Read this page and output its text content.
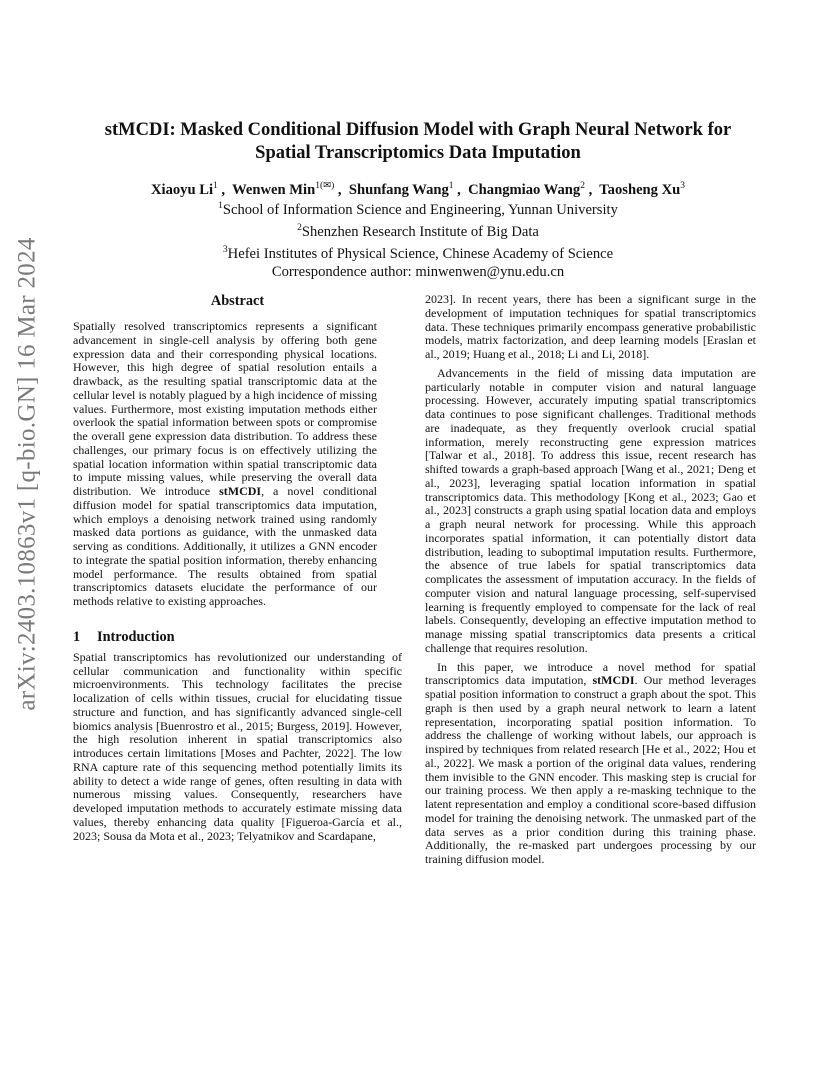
arXiv:2403.10863v1 [q-bio.GN] 16 Mar 2024
stMCDI: Masked Conditional Diffusion Model with Graph Neural Network for
Spatial Transcriptomics Data Imputation
Xiaoyu Li$^1$ ,  Wenwen Min$^{1(✉)}$ ,  Shunfang Wang$^1$ ,  Changmiao Wang$^2$ ,  Taosheng Xu$^3$
$^1$School of Information Science and Engineering, Yunnan University
$^2$Shenzhen Research Institute of Big Data
$^3$Hefei Institutes of Physical Science, Chinese Academy of Science
Correspondence author: minwenwen@ynu.edu.cn
Abstract

Spatially resolved transcriptomics represents a significant advancement in single-cell analysis by offering both gene expression data and their corresponding physical locations. However, this high degree of spatial resolution entails a drawback, as the resulting spatial transcriptomic data at the cellular level is notably plagued by a high incidence of missing values. Furthermore, most existing imputation methods either overlook the spatial information between spots or compromise the overall gene expression data distribution. To address these challenges, our primary focus is on effectively utilizing the spatial location information within spatial transcriptomic data to impute missing values, while preserving the overall data distribution. We introduce stMCDI, a novel conditional diffusion model for spatial transcriptomics data imputation, which employs a denoising network trained using randomly masked data portions as guidance, with the unmasked data serving as conditions. Additionally, it utilizes a GNN encoder to integrate the spatial position information, thereby enhancing model performance. The results obtained from spatial transcriptomics datasets elucidate the performance of our methods relative to existing approaches.

1 Introduction

Spatial transcriptomics has revolutionized our understanding of cellular communication and functionality within specific microenvironments. This technology facilitates the precise localization of cells within tissues, crucial for elucidating tissue structure and function, and has significantly advanced single-cell biomics analysis [Buenrostro et al., 2015; Burgess, 2019]. However, the high resolution inherent in spatial transcriptomics also introduces certain limitations [Moses and Pachter, 2022]. The low RNA capture rate of this sequencing method potentially limits its ability to detect a wide range of genes, often resulting in data with numerous missing values. Consequently, researchers have developed imputation methods to accurately estimate missing data values, thereby enhancing data quality [Figueroa-García et al., 2023; Sousa da Mota et al., 2023; Telyatnikov and Scardapane,

2023]. In recent years, there has been a significant surge in the development of imputation techniques for spatial transcriptomics data. These techniques primarily encompass generative probabilistic models, matrix factorization, and deep learning models [Eraslan et al., 2019; Huang et al., 2018; Li and Li, 2018].

Advancements in the field of missing data imputation are particularly notable in computer vision and natural language processing. However, accurately imputing spatial transcriptomics data continues to pose significant challenges. Traditional methods are inadequate, as they frequently overlook crucial spatial information, merely reconstructing gene expression matrices [Talwar et al., 2018]. To address this issue, recent research has shifted towards a graph-based approach [Wang et al., 2021; Deng et al., 2023], leveraging spatial location information in spatial transcriptomics data. This methodology [Kong et al., 2023; Gao et al., 2023] constructs a graph using spatial location data and employs a graph neural network for processing. While this approach incorporates spatial information, it can potentially distort data distribution, leading to suboptimal imputation results. Furthermore, the absence of true labels for spatial transcriptomics data complicates the assessment of imputation accuracy. In the fields of computer vision and natural language processing, self-supervised learning is frequently employed to compensate for the lack of real labels. Consequently, developing an effective imputation method to manage missing spatial transcriptomics data presents a critical challenge that requires resolution.

In this paper, we introduce a novel method for spatial transcriptomics data imputation, stMCDI. Our method leverages spatial position information to construct a graph about the spot. This graph is then used by a graph neural network to learn a latent representation, incorporating spatial position information. To address the challenge of working without labels, our approach is inspired by techniques from related research [He et al., 2022; Hou et al., 2022]. We mask a portion of the original data values, rendering them invisible to the GNN encoder. This masking step is crucial for our training process. We then apply a re-masking technique to the latent representation and employ a conditional score-based diffusion model for training the denoising network. The unmasked part of the data serves as a prior condition during this training phase. Additionally, the re-masked part undergoes processing by our training diffusion model.
